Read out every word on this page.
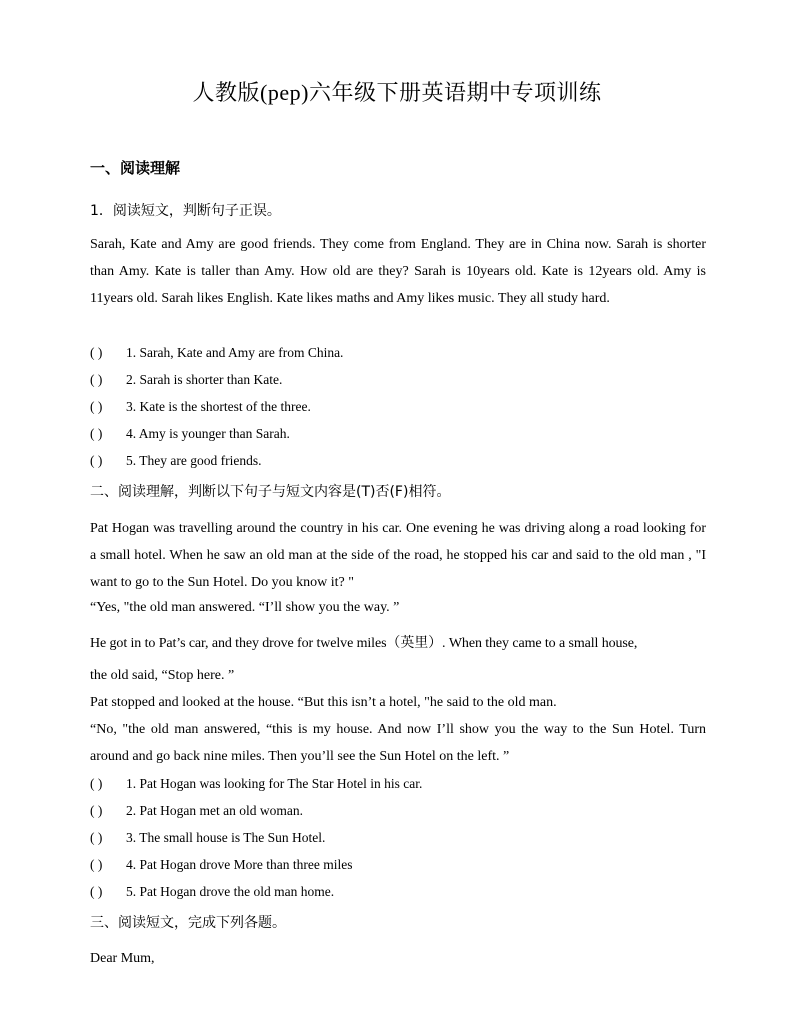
人教版(pep)六年级下册英语期中专项训练
一、阅读理解
1．阅读短文，判断句子正误。
Sarah, Kate and Amy are good friends. They come from England. They are in China now. Sarah is shorter than Amy. Kate is taller than Amy. How old are they? Sarah is 10years old. Kate is 12years old. Amy is 11years old. Sarah likes English. Kate likes maths and Amy likes music. They all study hard.
( ) 1. Sarah, Kate and Amy are from China.
( ) 2. Sarah is shorter than Kate.
( ) 3. Kate is the shortest of the three.
( ) 4. Amy is younger than Sarah.
( ) 5. They are good friends.
二、阅读理解，判断以下句子与短文内容是(T)否(F)相符。
Pat Hogan was travelling around the country in his car. One evening he was driving along a road looking for a small hotel. When he saw an old man at the side of the road, he stopped his car and said to the old man , "I want to go to the Sun Hotel. Do you know it? "
“Yes, "the old man answered. “I’ll show you the way. ”
He got in to Pat’s car, and they drove for twelve miles（英里）. When they came to a small house,
the old said, “Stop here. ”
Pat stopped and looked at the house. “But this isn’t a hotel, "he said to the old man.
“No, "the old man answered, “this is my house. And now I’ll show you the way to the Sun Hotel. Turn around and go back nine miles. Then you’ll see the Sun Hotel on the left. ”
( ) 1. Pat Hogan was looking for The Star Hotel in his car.
( ) 2. Pat Hogan met an old woman.
( ) 3. The small house is The Sun Hotel.
( ) 4. Pat Hogan drove More than three miles
( ) 5. Pat Hogan drove the old man home.
三、阅读短文，完成下列各题。
Dear Mum,
